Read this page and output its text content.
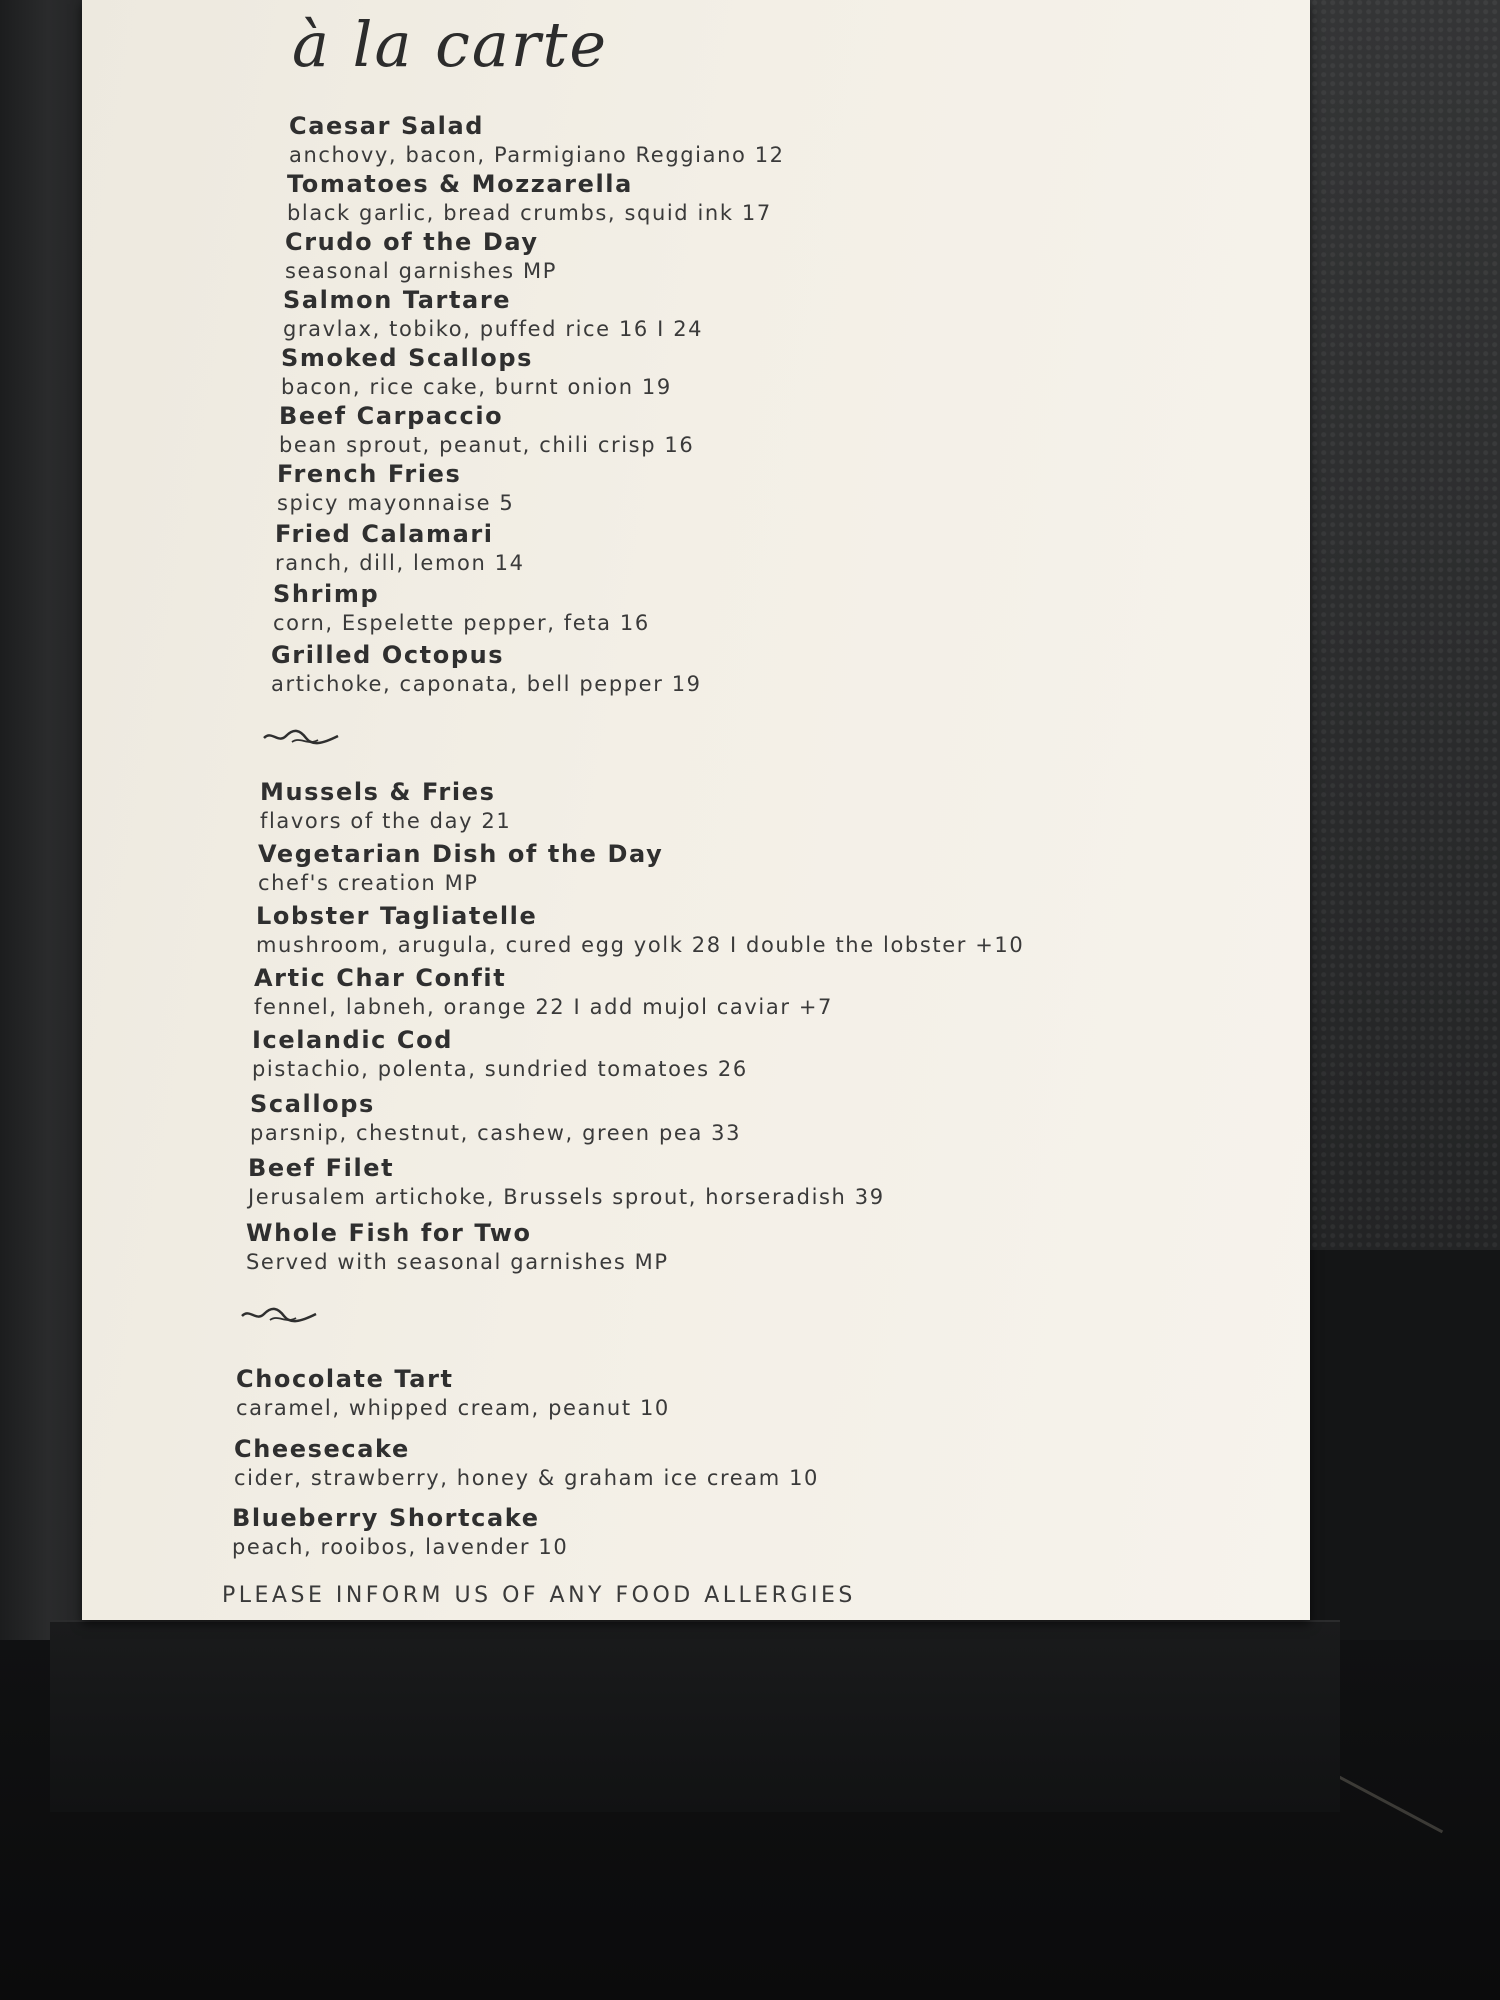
à la carte
Caesar Salad
anchovy, bacon, Parmigiano Reggiano 12
Tomatoes & Mozzarella
black garlic, bread crumbs, squid ink 17
Crudo of the Day
seasonal garnishes MP
Salmon Tartare
gravlax, tobiko, puffed rice 16 I 24
Smoked Scallops
bacon, rice cake, burnt onion 19
Beef Carpaccio
bean sprout, peanut, chili crisp 16
French Fries
spicy mayonnaise 5
Fried Calamari
ranch, dill, lemon 14
Shrimp
corn, Espelette pepper, feta 16
Grilled Octopus
artichoke, caponata, bell pepper 19
Mussels & Fries
flavors of the day 21
Vegetarian Dish of the Day
chef's creation MP
Lobster Tagliatelle
mushroom, arugula, cured egg yolk 28 I double the lobster +10
Artic Char Confit
fennel, labneh, orange 22 I add mujol caviar +7
Icelandic Cod
pistachio, polenta, sundried tomatoes 26
Scallops
parsnip, chestnut, cashew, green pea 33
Beef Filet
Jerusalem artichoke, Brussels sprout, horseradish 39
Whole Fish for Two
Served with seasonal garnishes MP
Chocolate Tart
caramel, whipped cream, peanut 10
Cheesecake
cider, strawberry, honey & graham ice cream 10
Blueberry Shortcake
peach, rooibos, lavender 10
PLEASE INFORM US OF ANY FOOD ALLERGIES
